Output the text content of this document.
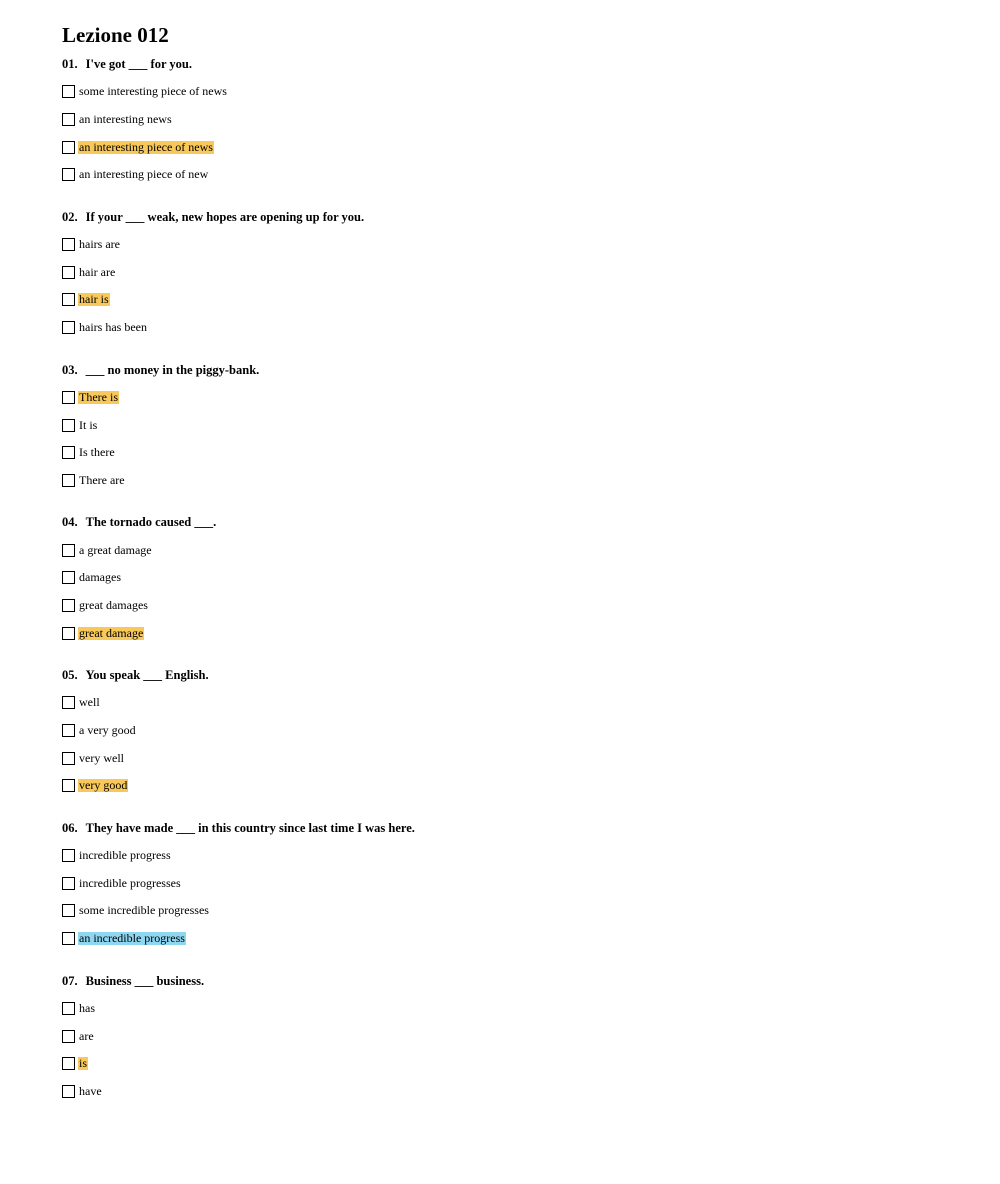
Lezione 012
01. I've got ___ for you.
some interesting piece of news
an interesting news
an interesting piece of news
an interesting piece of new
02. If your ___ weak, new hopes are opening up for you.
hairs are
hair are
hair is
hairs has been
03. ___ no money in the piggy-bank.
There is
It is
Is there
There are
04. The tornado caused ___.
a great damage
damages
great damages
great damage
05. You speak ___ English.
well
a very good
very well
very good
06. They have made ___ in this country since last time I was here.
incredible progress
incredible progresses
some incredible progresses
an incredible progress
07. Business ___ business.
has
are
is
have
